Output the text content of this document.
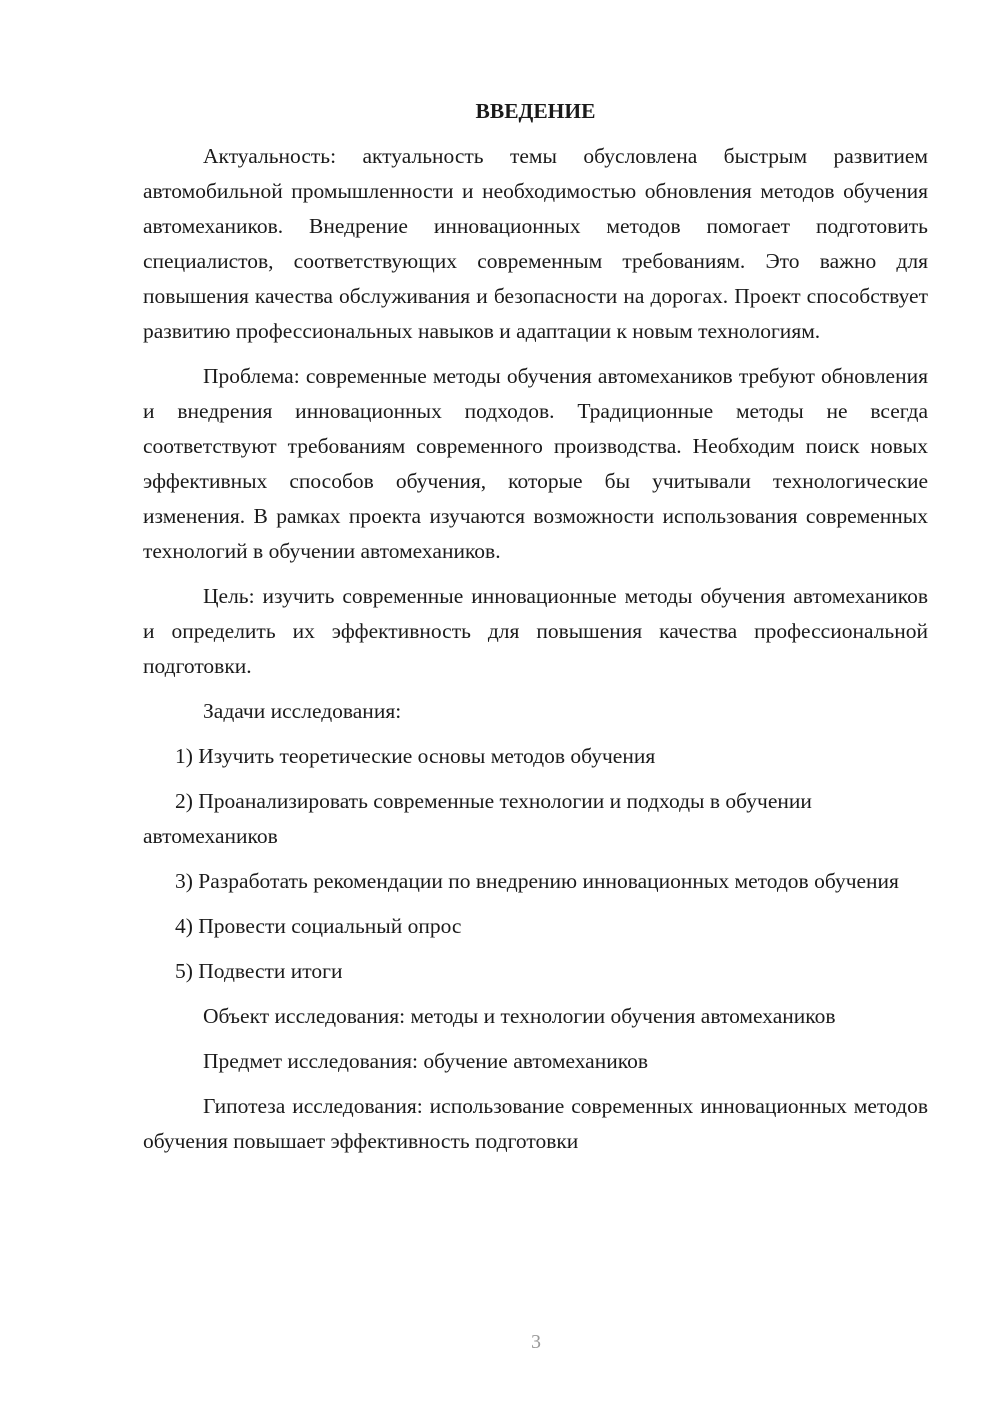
ВВЕДЕНИЕ

Актуальность: актуальность темы обусловлена быстрым развитием автомобильной промышленности и необходимостью обновления методов обучения автомехаников. Внедрение инновационных методов помогает подготовить специалистов, соответствующих современным требованиям. Это важно для повышения качества обслуживания и безопасности на дорогах. Проект способствует развитию профессиональных навыков и адаптации к новым технологиям.

Проблема: современные методы обучения автомехаников требуют обновления и внедрения инновационных подходов. Традиционные методы не всегда соответствуют требованиям современного производства. Необходим поиск новых эффективных способов обучения, которые бы учитывали технологические изменения. В рамках проекта изучаются возможности использования современных технологий в обучении автомехаников.

Цель: изучить современные инновационные методы обучения автомехаников и определить их эффективность для повышения качества профессиональной подготовки.

Задачи исследования:

1) Изучить теоретические основы методов обучения

2) Проанализировать современные технологии и подходы в обучении автомехаников

3) Разработать рекомендации по внедрению инновационных методов обучения

4) Провести социальный опрос

5) Подвести итоги

Объект исследования: методы и технологии обучения автомехаников

Предмет исследования: обучение автомехаников

Гипотеза исследования: использование современных инновационных методов обучения повышает эффективность подготовки

3
